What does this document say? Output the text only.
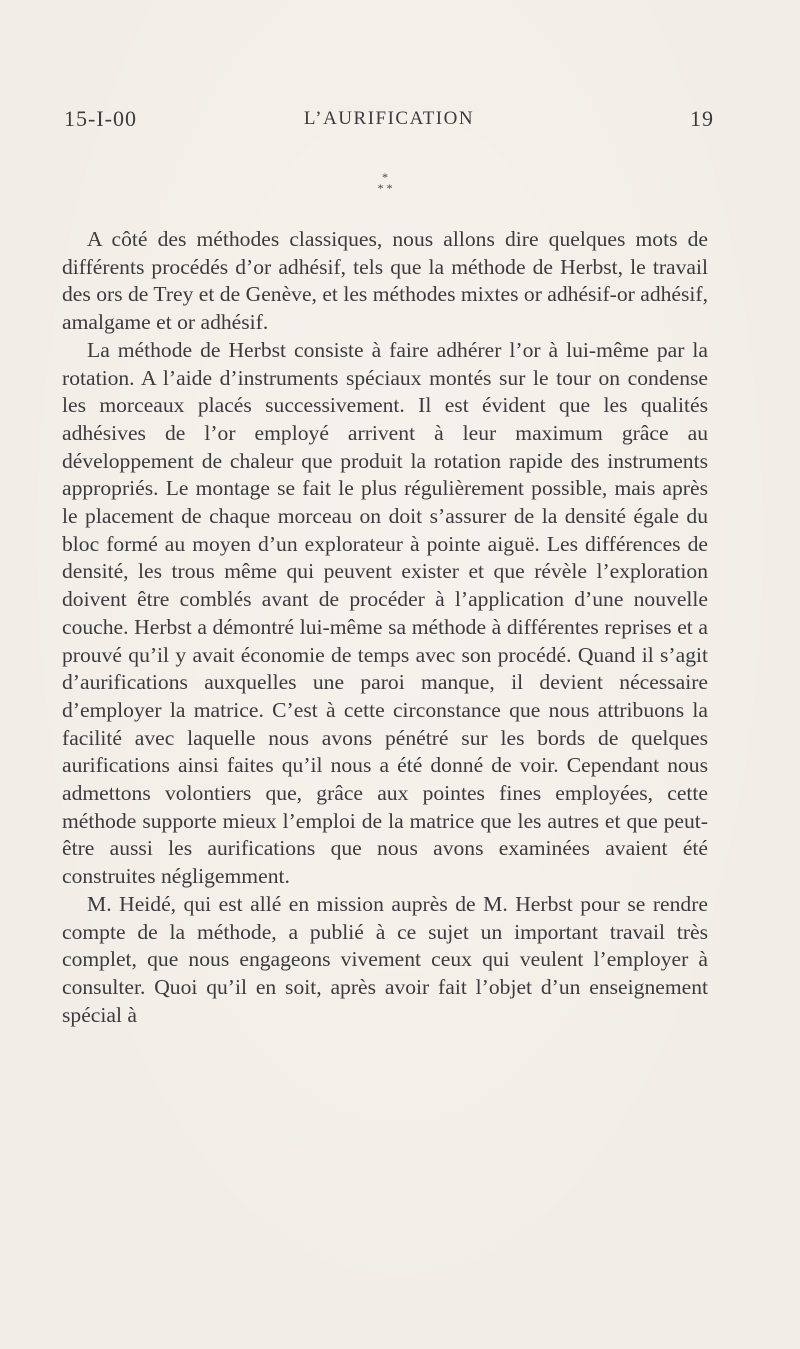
15-I-00	L’AURIFICATION	19
*
* *

A côté des méthodes classiques, nous allons dire quelques mots de différents procédés d’or adhésif, tels que la méthode de Herbst, le travail des ors de Trey et de Genève, et les méthodes mixtes or adhésif-or adhésif, amalgame et or adhésif.

La méthode de Herbst consiste à faire adhérer l’or à lui-même par la rotation. A l’aide d’instruments spéciaux montés sur le tour on condense les morceaux placés successivement. Il est évident que les qualités adhésives de l’or employé arrivent à leur maximum grâce au développement de chaleur que produit la rotation rapide des instruments appropriés. Le montage se fait le plus régulièrement possible, mais après le placement de chaque morceau on doit s’assurer de la densité égale du bloc formé au moyen d’un explorateur à pointe aiguë. Les différences de densité, les trous même qui peuvent exister et que révèle l’exploration doivent être comblés avant de procéder à l’application d’une nouvelle couche. Herbst a démontré lui-même sa méthode à différentes reprises et a prouvé qu’il y avait économie de temps avec son procédé. Quand il s’agit d’aurifications auxquelles une paroi manque, il devient nécessaire d’employer la matrice. C’est à cette circonstance que nous attribuons la facilité avec laquelle nous avons pénétré sur les bords de quelques aurifications ainsi faites qu’il nous a été donné de voir. Cependant nous admettons volontiers que, grâce aux pointes fines employées, cette méthode supporte mieux l’emploi de la matrice que les autres et que peut-être aussi les aurifications que nous avons examinées avaient été construites négligemment.

M. Heidé, qui est allé en mission auprès de M. Herbst pour se rendre compte de la méthode, a publié à ce sujet un important travail très complet, que nous engageons vivement ceux qui veulent l’employer à consulter. Quoi qu’il en soit, après avoir fait l’objet d’un enseignement spécial à
